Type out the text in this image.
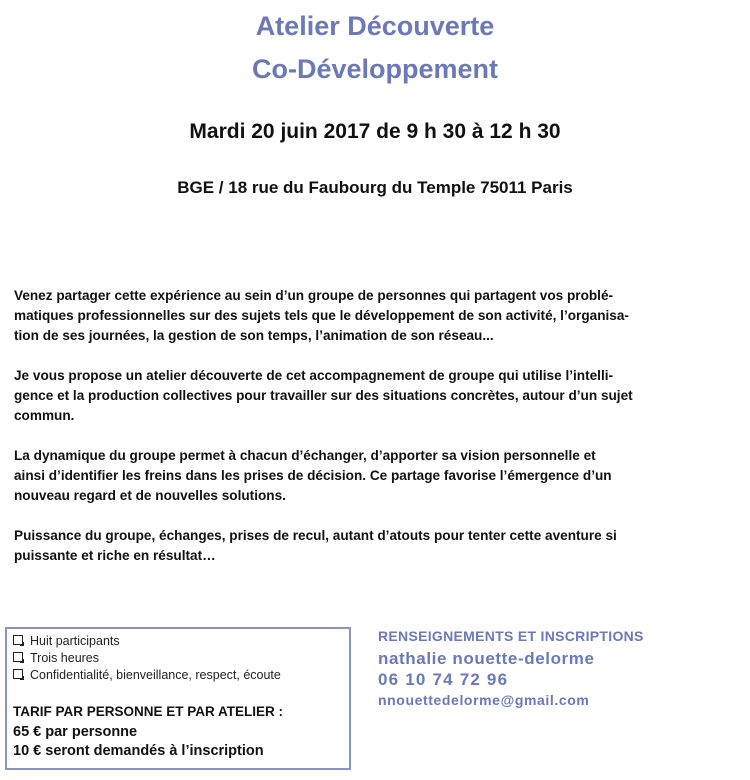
Atelier Découverte
Co-Développement
Mardi 20 juin 2017 de 9 h 30 à 12 h 30
BGE / 18 rue du Faubourg du Temple 75011 Paris

Venez partager cette expérience au sein d’un groupe de personnes qui partagent vos problé-
matiques professionnelles sur des sujets tels que le développement de son activité, l’organisa-
tion de ses journées, la gestion de son temps, l’animation de son réseau...

Je vous propose un atelier découverte de cet accompagnement de groupe qui utilise l’intelli-
gence et la production collectives pour travailler sur des situations concrètes, autour d’un sujet
commun.

La dynamique du groupe permet à chacun d’échanger, d’apporter sa vision personnelle et
ainsi d’identifier les freins dans les prises de décision. Ce partage favorise l’émergence d’un
nouveau regard et de nouvelles solutions.

Puissance du groupe, échanges, prises de recul, autant d’atouts pour tenter cette aventure si
puissante et riche en résultat…

Huit participants
Trois heures
Confidentialité, bienveillance, respect, écoute
TARIF PAR PERSONNE ET PAR ATELIER :
65 € par personne
10 € seront demandés à l’inscription
RENSEIGNEMENTS ET INSCRIPTIONS
nathalie nouette-delorme
06 10 74 72 96
nnouettedelorme@gmail.com
